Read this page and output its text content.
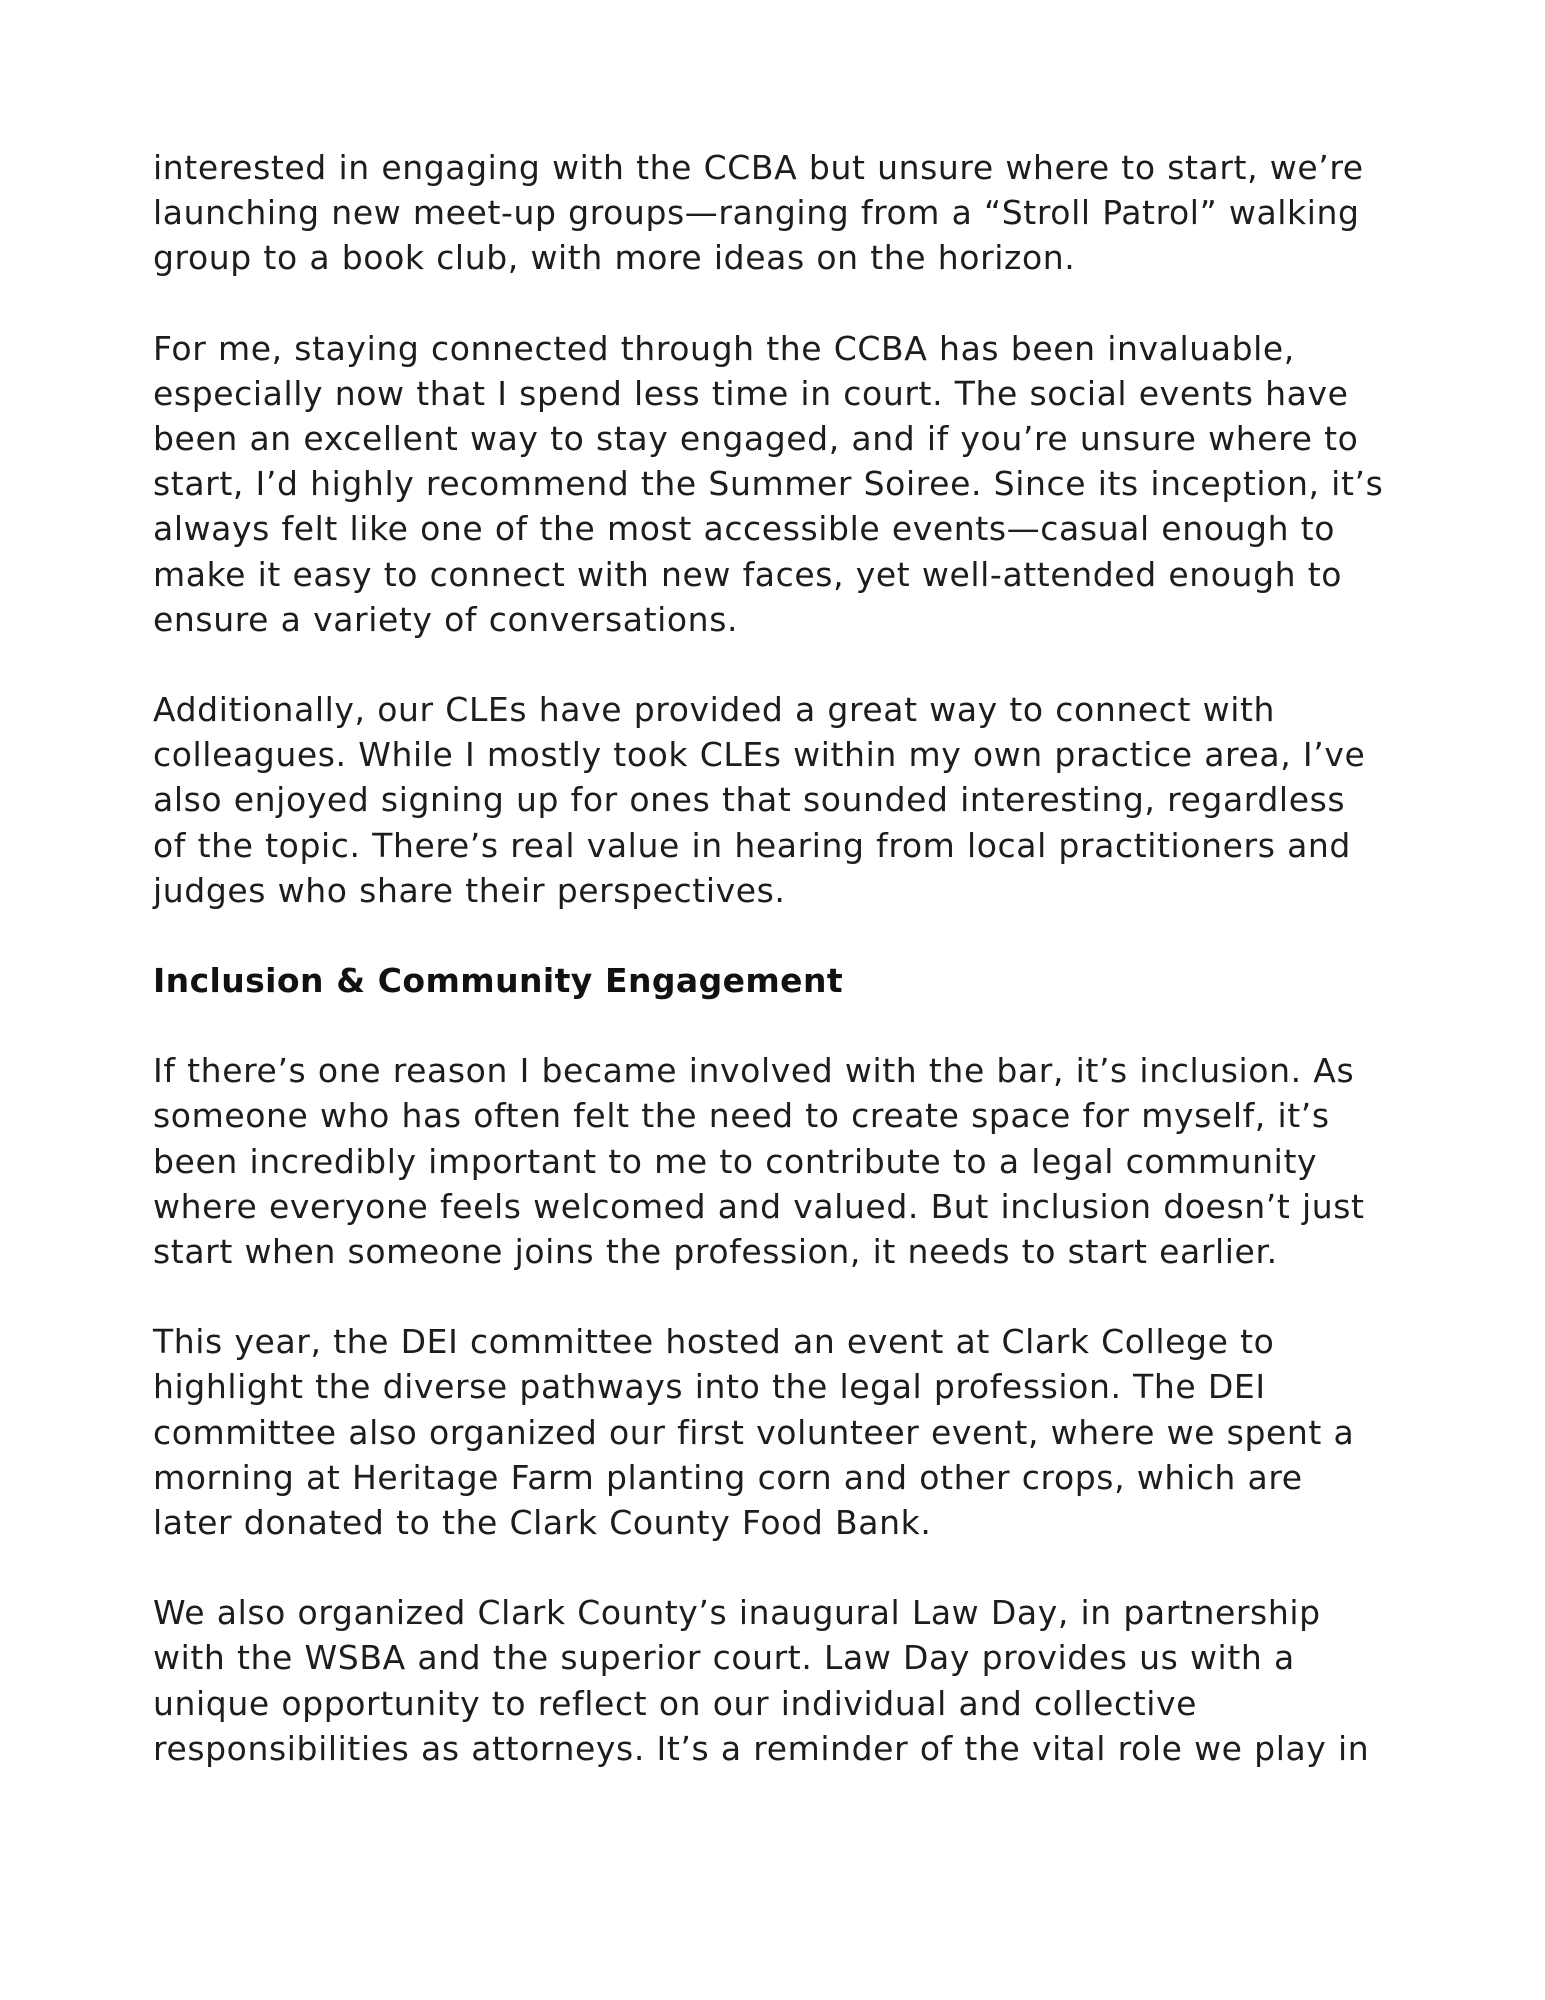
interested in engaging with the CCBA but unsure where to start, we’re
launching new meet-up groups—ranging from a “Stroll Patrol” walking
group to a book club, with more ideas on the horizon.
For me, staying connected through the CCBA has been invaluable,
especially now that I spend less time in court. The social events have
been an excellent way to stay engaged, and if you’re unsure where to
start, I’d highly recommend the Summer Soiree. Since its inception, it’s
always felt like one of the most accessible events—casual enough to
make it easy to connect with new faces, yet well-attended enough to
ensure a variety of conversations.
Additionally, our CLEs have provided a great way to connect with
colleagues. While I mostly took CLEs within my own practice area, I’ve
also enjoyed signing up for ones that sounded interesting, regardless
of the topic. There’s real value in hearing from local practitioners and
judges who share their perspectives.
Inclusion & Community Engagement
If there’s one reason I became involved with the bar, it’s inclusion. As
someone who has often felt the need to create space for myself, it’s
been incredibly important to me to contribute to a legal community
where everyone feels welcomed and valued. But inclusion doesn’t just
start when someone joins the profession, it needs to start earlier.
This year, the DEI committee hosted an event at Clark College to
highlight the diverse pathways into the legal profession. The DEI
committee also organized our first volunteer event, where we spent a
morning at Heritage Farm planting corn and other crops, which are
later donated to the Clark County Food Bank.
We also organized Clark County’s inaugural Law Day, in partnership
with the WSBA and the superior court. Law Day provides us with a
unique opportunity to reflect on our individual and collective
responsibilities as attorneys. It’s a reminder of the vital role we play in
